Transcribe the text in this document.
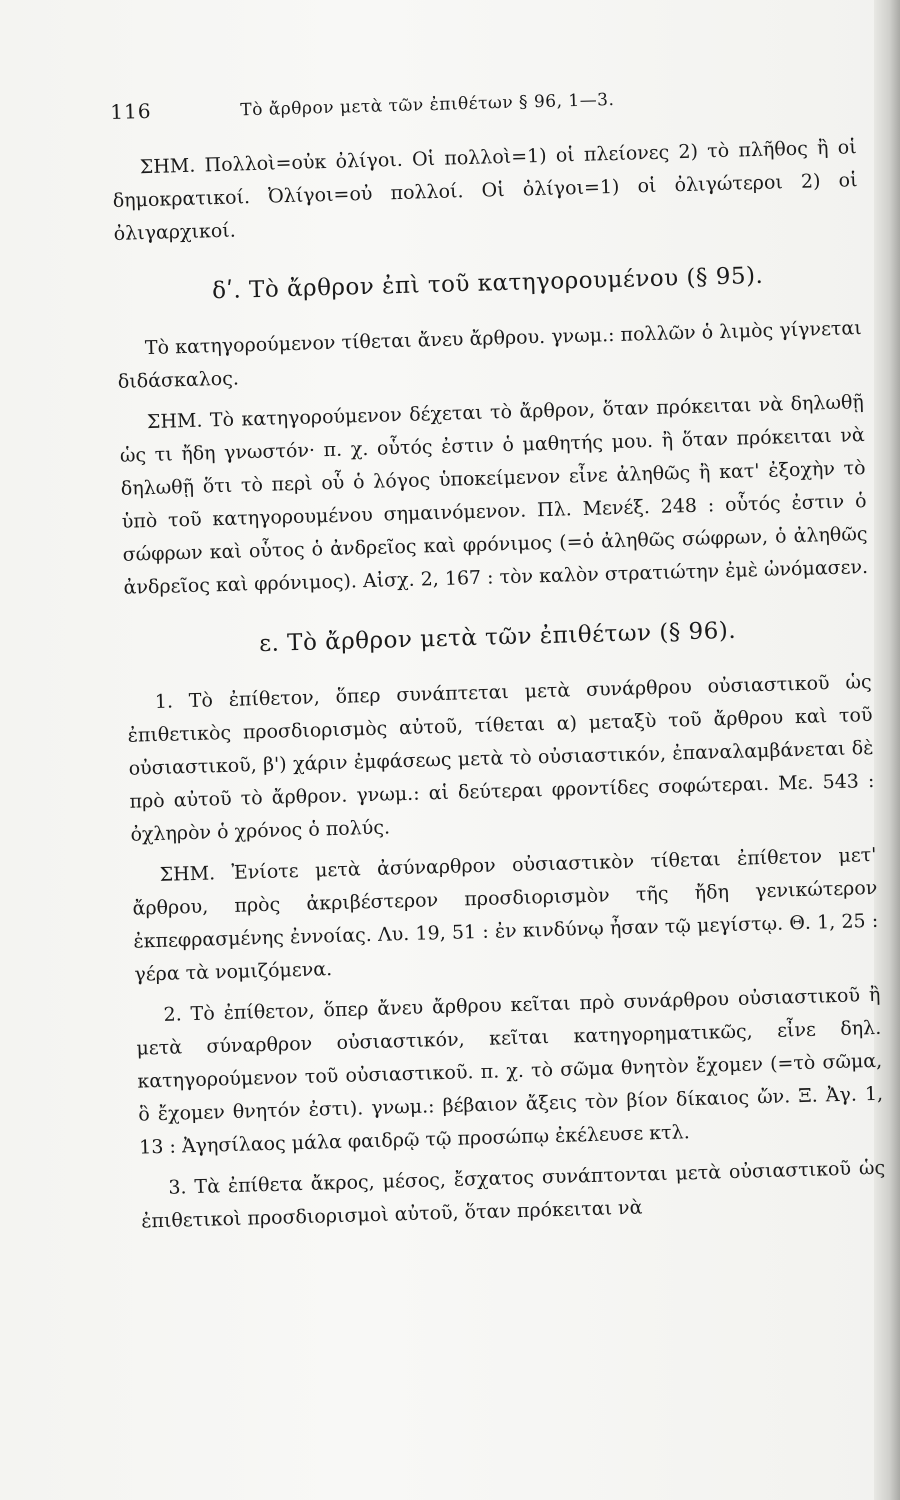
116	Τὸ ἄρθρον μετὰ τῶν ἐπιθέτων § 96, 1—3.

ΣΗΜ. Πολλοὶ=οὐκ ὀλίγοι. Οἱ πολλοὶ=1) οἱ πλείονες 2) τὸ πλῆθος ἢ οἱ δημοκρατικοί. Ὀλίγοι=οὐ πολλοί. Οἱ ὀλίγοι=1) οἱ ὀλιγώτεροι 2) οἱ ὀλιγαρχικοί.

δʹ. Τὸ ἄρθρον ἐπὶ τοῦ κατηγορουμένου (§ 95).

Τὸ κατηγορούμενον τίθεται ἄνευ ἄρθρου. γνωμ.: πολλῶν ὁ λιμὸς γίγνεται διδάσκαλος.

ΣΗΜ. Τὸ κατηγορούμενον δέχεται τὸ ἄρθρον, ὅταν πρόκειται νὰ δηλωθῇ ὡς τι ἤδη γνωστόν· π. χ. οὗτός ἐστιν ὁ μαθητής μου. ἢ ὅταν πρόκειται νὰ δηλωθῇ ὅτι τὸ περὶ οὗ ὁ λόγος ὑποκείμενον εἶνε ἀληθῶς ἢ κατ' ἐξοχὴν τὸ ὑπὸ τοῦ κατηγορουμένου σημαινόμενον. Πλ. Μενέξ. 248 : οὗτός ἐστιν ὁ σώφρων καὶ οὗτος ὁ ἀνδρεῖος καὶ φρόνιμος (=ὁ ἀληθῶς σώφρων, ὁ ἀληθῶς ἀνδρεῖος καὶ φρόνιμος). Αἰσχ. 2, 167 : τὸν καλὸν στρατιώτην ἐμὲ ὠνόμασεν.

ε. Τὸ ἄρθρον μετὰ τῶν ἐπιθέτων (§ 96).

1. Τὸ ἐπίθετον, ὅπερ συνάπτεται μετὰ συνάρθρου οὐσιαστικοῦ ὡς ἐπιθετικὸς προσδιορισμὸς αὐτοῦ, τίθεται α) μεταξὺ τοῦ ἄρθρου καὶ τοῦ οὐσιαστικοῦ, β') χάριν ἐμφάσεως μετὰ τὸ οὐσιαστικόν, ἐπαναλαμβάνεται δὲ πρὸ αὐτοῦ τὸ ἄρθρον. γνωμ.: αἱ δεύτεραι φροντίδες σοφώτεραι. Με. 543 : ὀχληρὸν ὁ χρόνος ὁ πολύς.

ΣΗΜ. Ἐνίοτε μετὰ ἀσύναρθρον οὐσιαστικὸν τίθεται ἐπίθετον μετ' ἄρθρου, πρὸς ἀκριβέστερον προσδιορισμὸν τῆς ἤδη γενικώτερον ἐκπεφρασμένης ἐννοίας. Λυ. 19, 51 : ἐν κινδύνῳ ἦσαν τῷ μεγίστῳ. Θ. 1, 25 : γέρα τὰ νομιζόμενα.

2. Τὸ ἐπίθετον, ὅπερ ἄνευ ἄρθρου κεῖται πρὸ συνάρθρου οὐσιαστικοῦ ἢ μετὰ σύναρθρον οὐσιαστικόν, κεῖται κατηγορηματικῶς, εἶνε δηλ. κατηγορούμενον τοῦ οὐσιαστικοῦ. π. χ. τὸ σῶμα θνητὸν ἔχομεν (=τὸ σῶμα, ὃ ἔχομεν θνητόν ἐστι). γνωμ.: βέβαιον ἄξεις τὸν βίον δίκαιος ὤν. Ξ. Ἀγ. 1, 13 : Ἀγησίλαος μάλα φαιδρῷ τῷ προσώπῳ ἐκέλευσε κτλ.

3. Τὰ ἐπίθετα ἄκρος, μέσος, ἔσχατος συνάπτονται μετὰ οὐσιαστικοῦ ὡς ἐπιθετικοὶ προσδιορισμοὶ αὐτοῦ, ὅταν πρόκειται νὰ
